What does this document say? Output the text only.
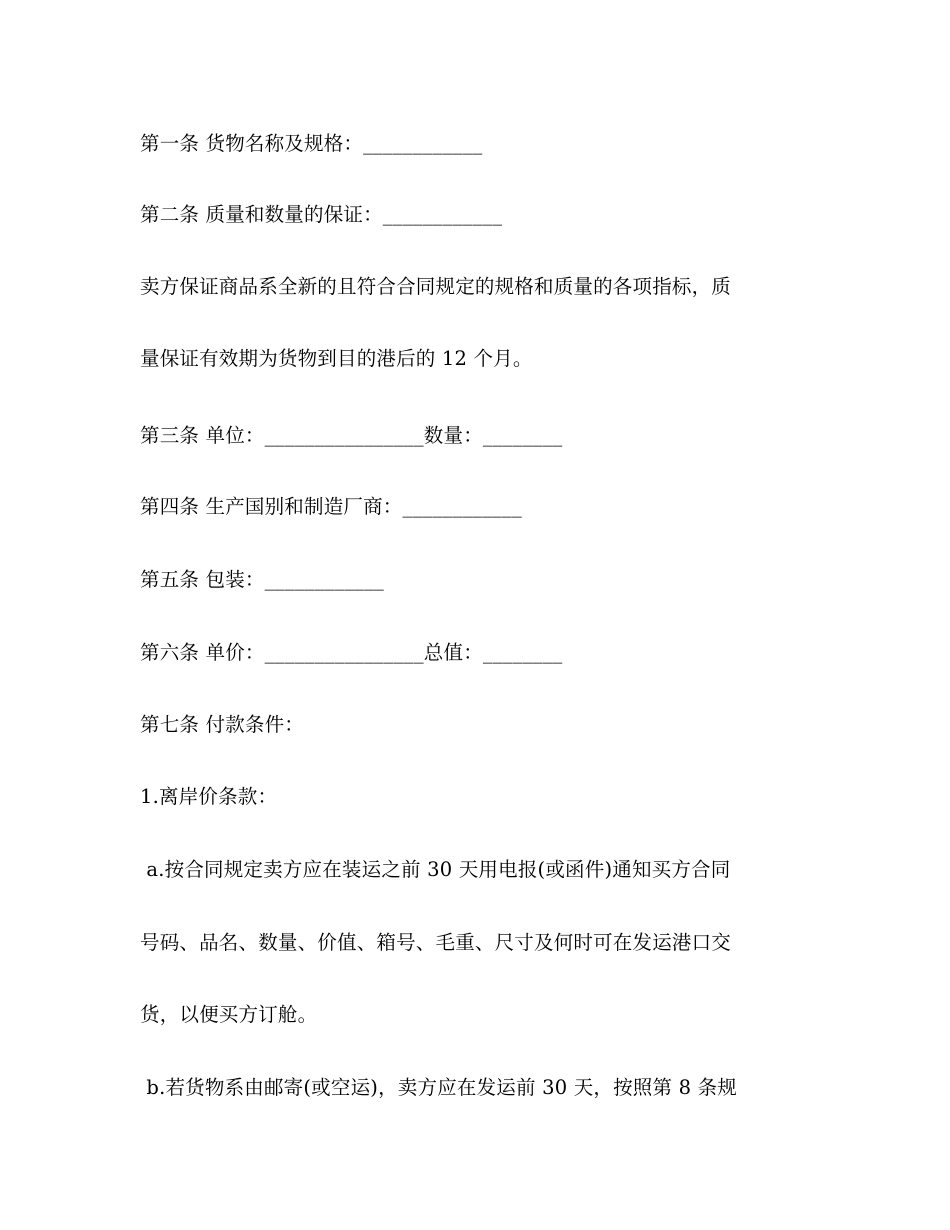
第一条 货物名称及规格：____________
第二条 质量和数量的保证：____________
卖方保证商品系全新的且符合合同规定的规格和质量的各项指标，质
量保证有效期为货物到目的港后的 12 个月。
第三条 单位：________________数量：________
第四条 生产国别和制造厂商：____________
第五条 包装：____________
第六条 单价：________________总值：________
第七条 付款条件：
1.离岸价条款：
a.按合同规定卖方应在装运之前 30 天用电报(或函件)通知买方合同
号码、品名、数量、价值、箱号、毛重、尺寸及何时可在发运港口交
货，以便买方订舱。
b.若货物系由邮寄(或空运)，卖方应在发运前 30 天，按照第 8 条规
